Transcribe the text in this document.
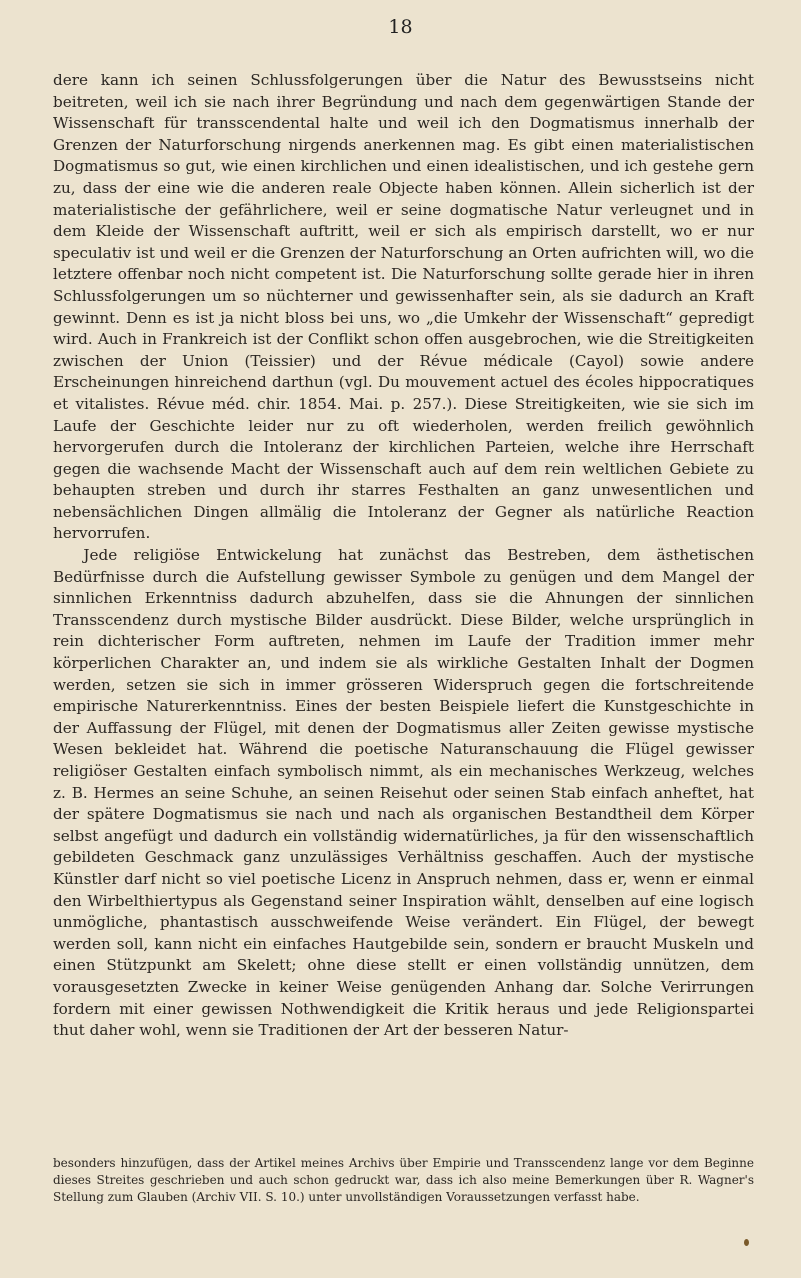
18

dere kann ich seinen Schlussfolgerungen über die Natur des Bewusstseins nicht beitreten, weil ich sie nach ihrer Begründung und nach dem gegenwärtigen Stande der Wissenschaft für transscendental halte und weil ich den Dogmatismus innerhalb der Grenzen der Naturforschung nirgends anerkennen mag. Es gibt einen materialistischen Dogmatismus so gut, wie einen kirchlichen und einen idealistischen, und ich gestehe gern zu, dass der eine wie die anderen reale Objecte haben können. Allein sicherlich ist der materialistische der gefährlichere, weil er seine dogmatische Natur verleugnet und in dem Kleide der Wissenschaft auftritt, weil er sich als empirisch darstellt, wo er nur speculativ ist und weil er die Grenzen der Naturforschung an Orten aufrichten will, wo die letztere offenbar noch nicht competent ist. Die Naturforschung sollte gerade hier in ihren Schlussfolgerungen um so nüchterner und gewissenhafter sein, als sie dadurch an Kraft gewinnt. Denn es ist ja nicht bloss bei uns, wo „die Umkehr der Wissenschaft“ gepredigt wird. Auch in Frankreich ist der Conflikt schon offen ausgebrochen, wie die Streitigkeiten zwischen der Union (Teissier) und der Révue médicale (Cayol) sowie andere Erscheinungen hinreichend darthun (vgl. Du mouvement actuel des écoles hippocratiques et vitalistes. Révue méd. chir. 1854. Mai. p. 257.). Diese Streitigkeiten, wie sie sich im Laufe der Geschichte leider nur zu oft wiederholen, werden freilich gewöhnlich hervorgerufen durch die Intoleranz der kirchlichen Parteien, welche ihre Herrschaft gegen die wachsende Macht der Wissenschaft auch auf dem rein weltlichen Gebiete zu behaupten streben und durch ihr starres Festhalten an ganz unwesentlichen und nebensächlichen Dingen allmälig die Intoleranz der Gegner als natürliche Reaction hervorrufen.

Jede religiöse Entwickelung hat zunächst das Bestreben, dem ästhetischen Bedürfnisse durch die Aufstellung gewisser Symbole zu genügen und dem Mangel der sinnlichen Erkenntniss dadurch abzuhelfen, dass sie die Ahnungen der sinnlichen Transscendenz durch mystische Bilder ausdrückt. Diese Bilder, welche ursprünglich in rein dichterischer Form auftreten, nehmen im Laufe der Tradition immer mehr körperlichen Charakter an, und indem sie als wirkliche Gestalten Inhalt der Dogmen werden, setzen sie sich in immer grösseren Widerspruch gegen die fortschreitende empirische Naturerkenntniss. Eines der besten Beispiele liefert die Kunstgeschichte in der Auffassung der Flügel, mit denen der Dogmatismus aller Zeiten gewisse mystische Wesen bekleidet hat. Während die poetische Naturanschauung die Flügel gewisser religiöser Gestalten einfach symbolisch nimmt, als ein mechanisches Werkzeug, welches z. B. Hermes an seine Schuhe, an seinen Reisehut oder seinen Stab einfach anheftet, hat der spätere Dogmatismus sie nach und nach als organischen Bestandtheil dem Körper selbst angefügt und dadurch ein vollständig widernatürliches, ja für den wissenschaftlich gebildeten Geschmack ganz unzulässiges Verhältniss geschaffen. Auch der mystische Künstler darf nicht so viel poetische Licenz in Anspruch nehmen, dass er, wenn er einmal den Wirbelthiertypus als Gegenstand seiner Inspiration wählt, denselben auf eine logisch unmögliche, phantastisch ausschweifende Weise verändert. Ein Flügel, der bewegt werden soll, kann nicht ein einfaches Hautgebilde sein, sondern er braucht Muskeln und einen Stützpunkt am Skelett; ohne diese stellt er einen vollständig unnützen, dem vorausgesetzten Zwecke in keiner Weise genügenden Anhang dar. Solche Verirrungen fordern mit einer gewissen Nothwendigkeit die Kritik heraus und jede Religionspartei thut daher wohl, wenn sie Traditionen der Art der besseren Natur-

besonders hinzufügen, dass der Artikel meines Archivs über Empirie und Transscendenz lange vor dem Beginne dieses Streites geschrieben und auch schon gedruckt war, dass ich also meine Bemerkungen über R. Wagner's Stellung zum Glauben (Archiv VII. S. 10.) unter unvollständigen Voraussetzungen verfasst habe.
